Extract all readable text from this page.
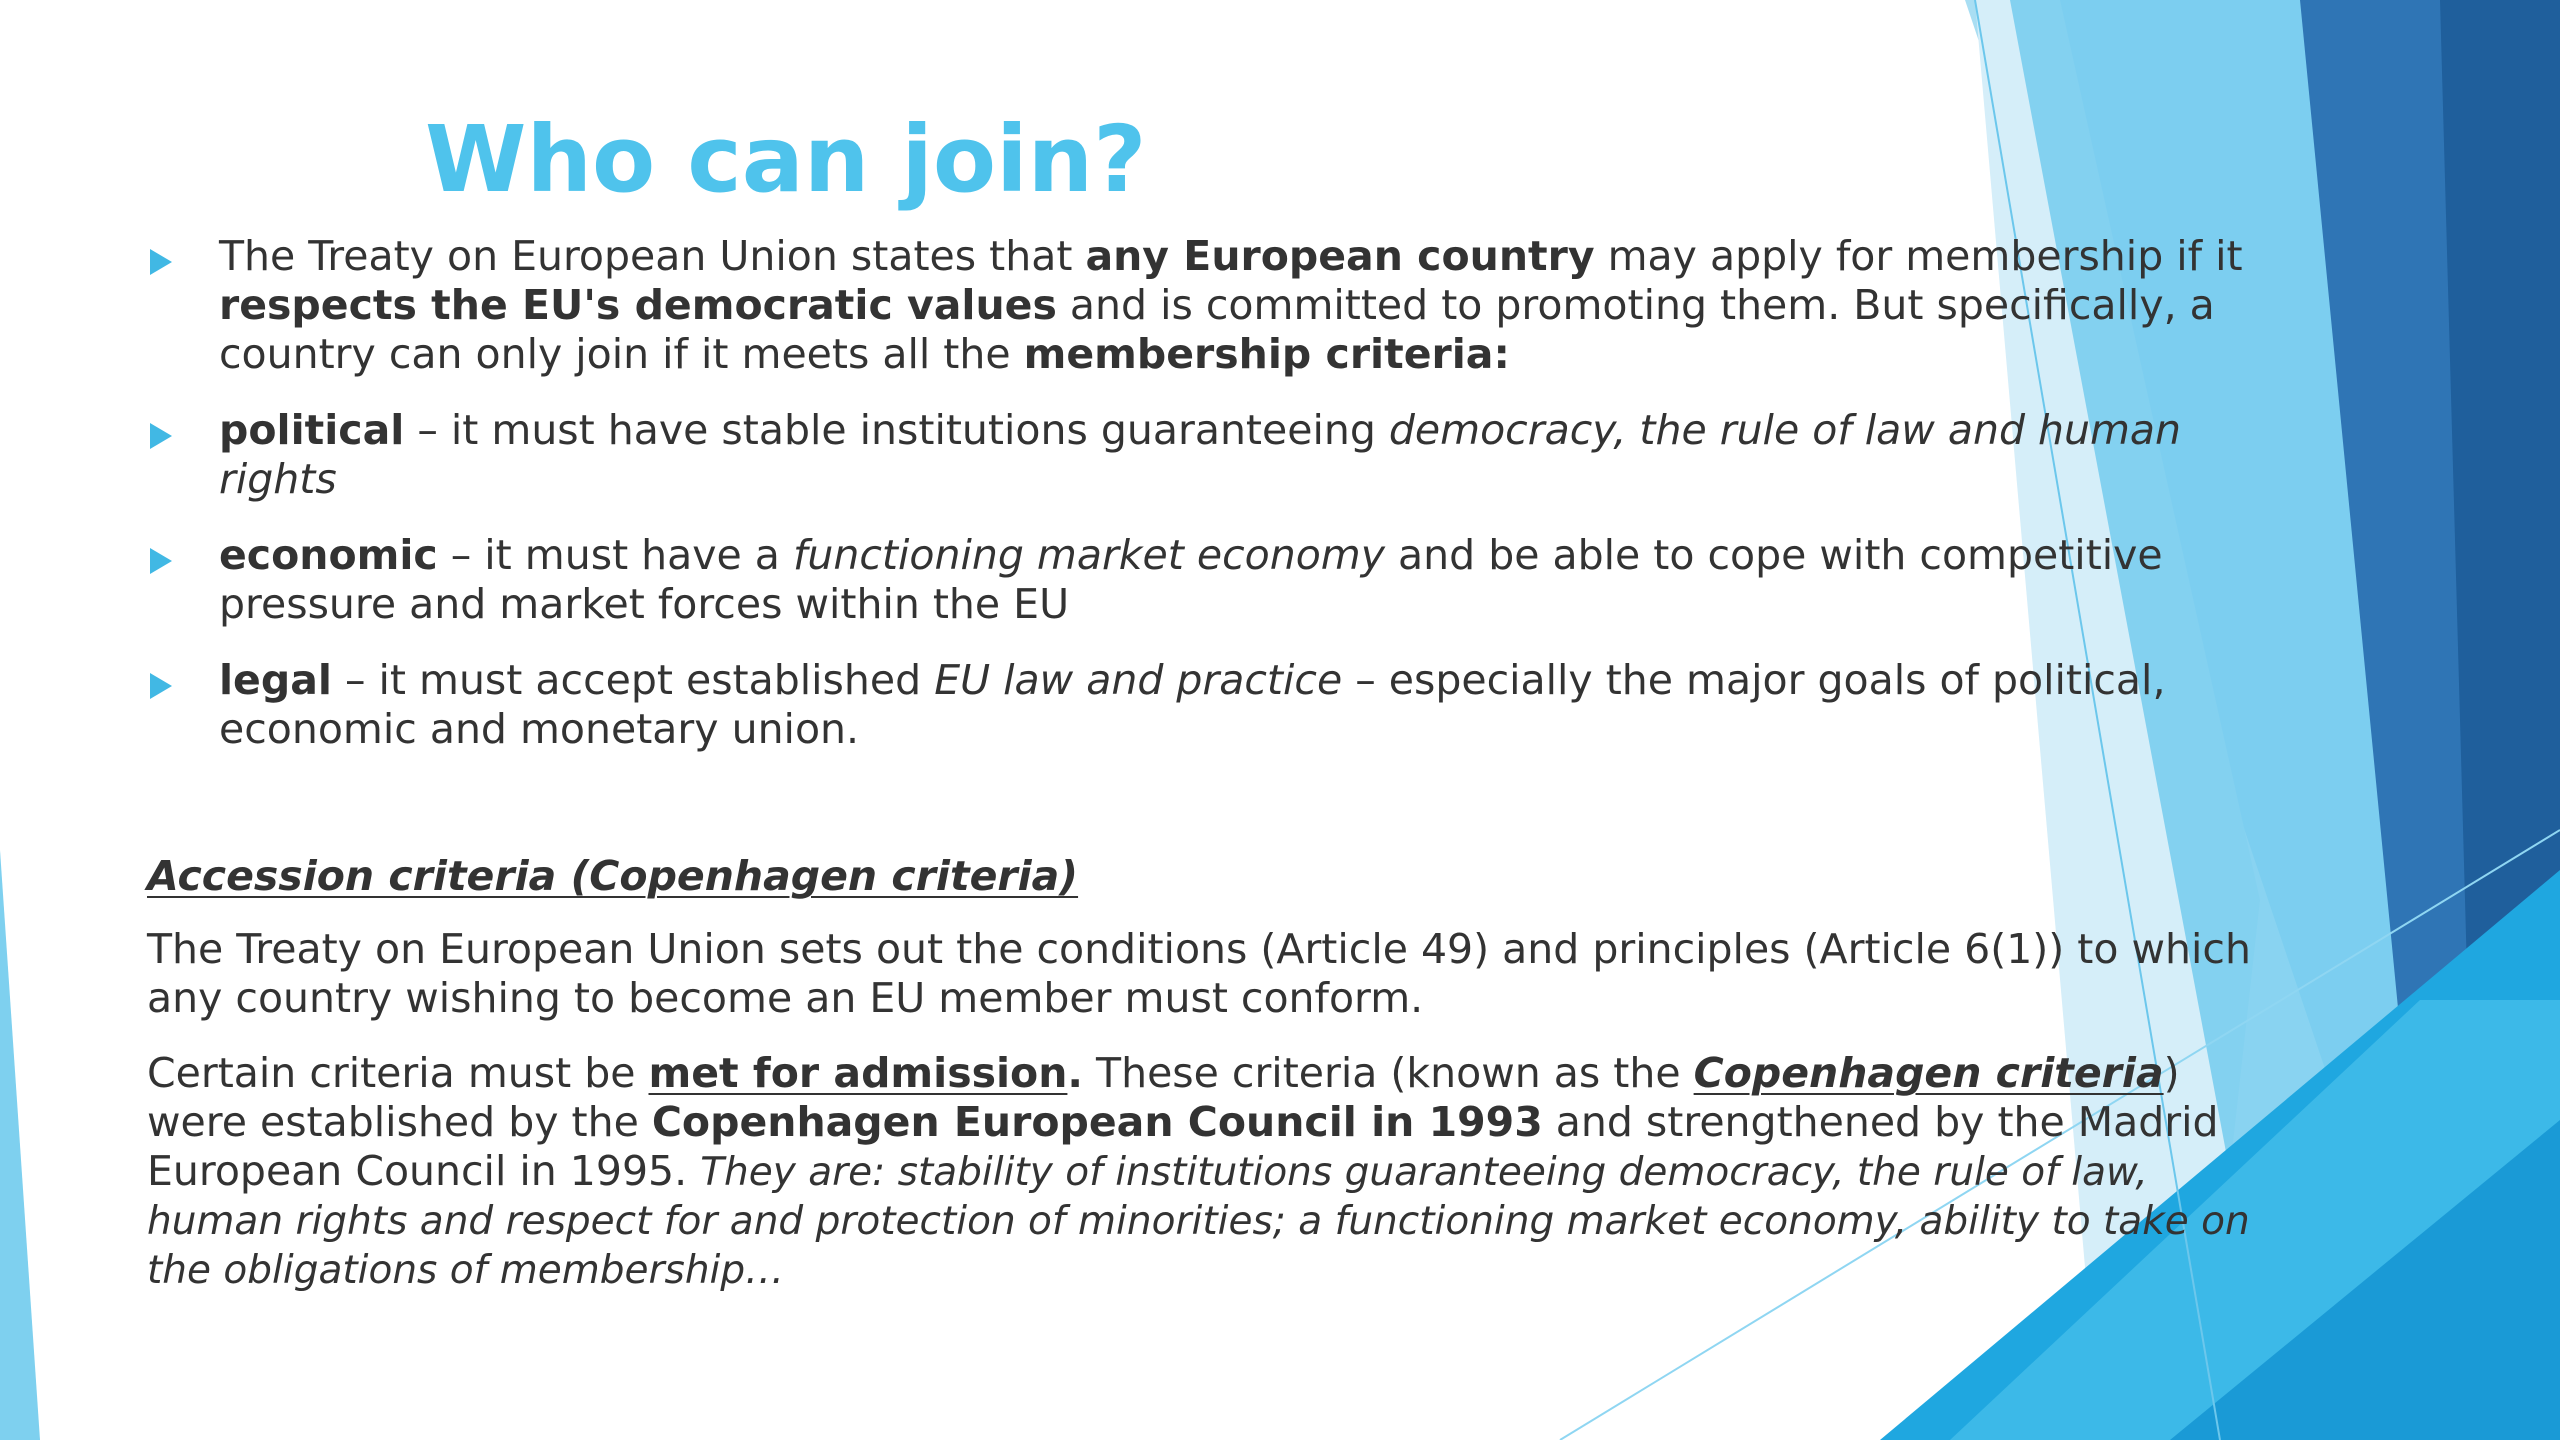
Who can join?

The Treaty on European Union states that any European country may apply for membership if it respects the EU's democratic values and is committed to promoting them. But specifically, a country can only join if it meets all the membership criteria:

political – it must have stable institutions guaranteeing democracy, the rule of law and human rights

economic – it must have a functioning market economy and be able to cope with competitive pressure and market forces within the EU

legal – it must accept established EU law and practice – especially the major goals of political, economic and monetary union.

Accession criteria (Copenhagen criteria)

The Treaty on European Union sets out the conditions (Article 49) and principles (Article 6(1)) to which any country wishing to become an EU member must conform.

Certain criteria must be met for admission. These criteria (known as the Copenhagen criteria) were established by the Copenhagen European Council in 1993 and strengthened by the Madrid European Council in 1995. They are: stability of institutions guaranteeing democracy, the rule of law, human rights and respect for and protection of minorities; a functioning market economy, ability to take on the obligations of membership…
